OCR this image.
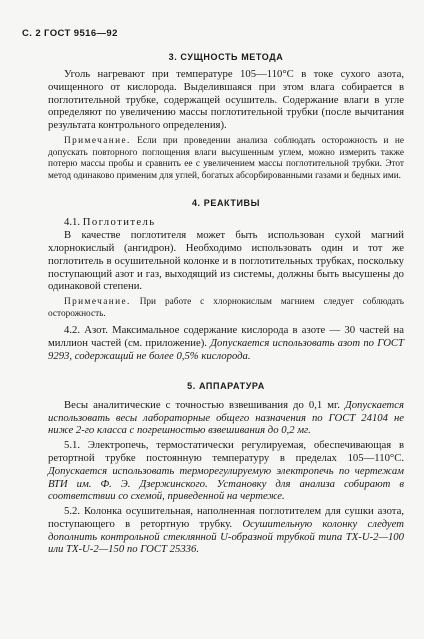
С. 2 ГОСТ 9516—92
3. СУЩНОСТЬ МЕТОДА

Уголь нагревают при температуре 105—110°С в токе сухого азота, очищенного от кислорода. Выделившаяся при этом влага собирается в поглотительной трубке, содержащей осушитель. Содержание влаги в угле определяют по увеличению массы поглотительной трубки (после вычитания результата контрольного определения).

Примечание. Если при проведении анализа соблюдать осторожность и не допускать повторного поглощения влаги высушенным углем, можно измерить также потерю массы пробы и сравнить ее с увеличением массы поглотительной трубки. Этот метод одинаково применим для углей, богатых абсорбированными газами и бедных ими.

4. РЕАКТИВЫ

4.1. Поглотитель

В качестве поглотителя может быть использован сухой магний хлорнокислый (ангидрон). Необходимо использовать один и тот же поглотитель в осушительной колонке и в поглотительных трубках, поскольку поступающий азот и газ, выходящий из системы, должны быть высушены до одинаковой степени.

Примечание. При работе с хлорнокислым магнием следует соблюдать осторожность.

4.2. Азот. Максимальное содержание кислорода в азоте — 30 частей на миллион частей (см. приложение). Допускается использовать азот по ГОСТ 9293, содержащий не более 0,5% кислорода.

5. АППАРАТУРА

Весы аналитические с точностью взвешивания до 0,1 мг. Допускается использовать весы лабораторные общего назначения по ГОСТ 24104 не ниже 2-го класса с погрешностью взвешивания до 0,2 мг.

5.1. Электропечь, термостатически регулируемая, обеспечивающая в ретортной трубке постоянную температуру в пределах 105—110°С. Допускается использовать терморегулируемую электропечь по чертежам ВТИ им. Ф. Э. Дзержинского. Установку для анализа собирают в соответствии со схемой, приведенной на чертеже.

5.2. Колонка осушительная, наполненная поглотителем для сушки азота, поступающего в ретортную трубку. Осушительную колонку следует дополнить контрольной стеклянной U-образной трубкой типа ТХ-U-2—100 или ТХ-U-2—150 по ГОСТ 25336.
